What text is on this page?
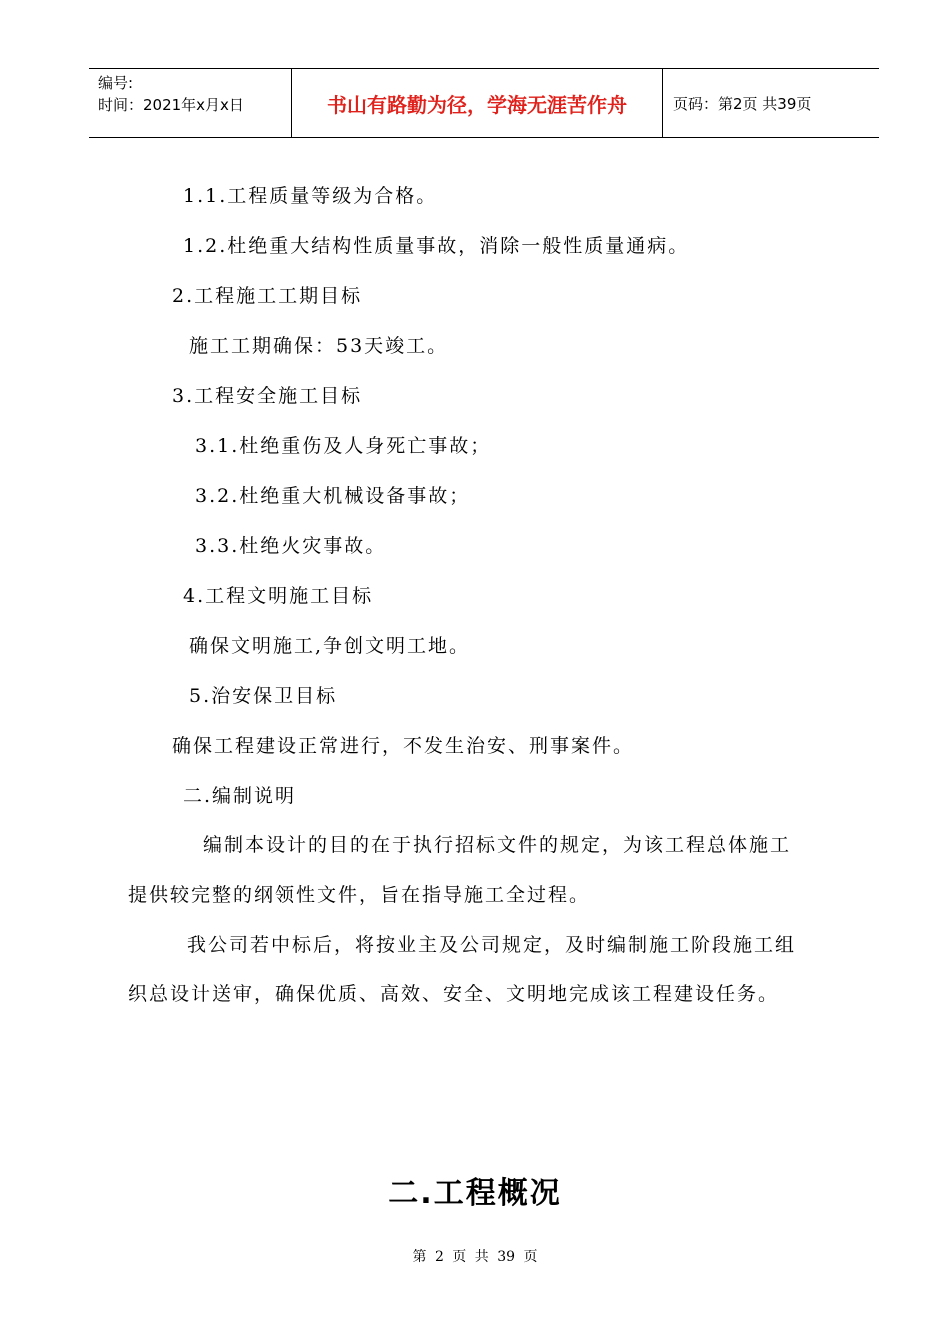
编号:
时间：2021年x月x日	书山有路勤为径，学海无涯苦作舟	页码：第2页 共39页
1.1.工程质量等级为合格。
1.2.杜绝重大结构性质量事故，消除一般性质量通病。
2.工程施工工期目标
施工工期确保：53天竣工。
3.工程安全施工目标
3.1.杜绝重伤及人身死亡事故；
3.2.杜绝重大机械设备事故；
3.3.杜绝火灾事故。
4.工程文明施工目标
确保文明施工,争创文明工地。
5.治安保卫目标
确保工程建设正常进行，不发生治安、刑事案件。
二.编制说明
编制本设计的目的在于执行招标文件的规定，为该工程总体施工
提供较完整的纲领性文件，旨在指导施工全过程。
我公司若中标后，将按业主及公司规定，及时编制施工阶段施工组
织总设计送审，确保优质、高效、安全、文明地完成该工程建设任务。
二.工程概况
第 2 页 共 39 页
